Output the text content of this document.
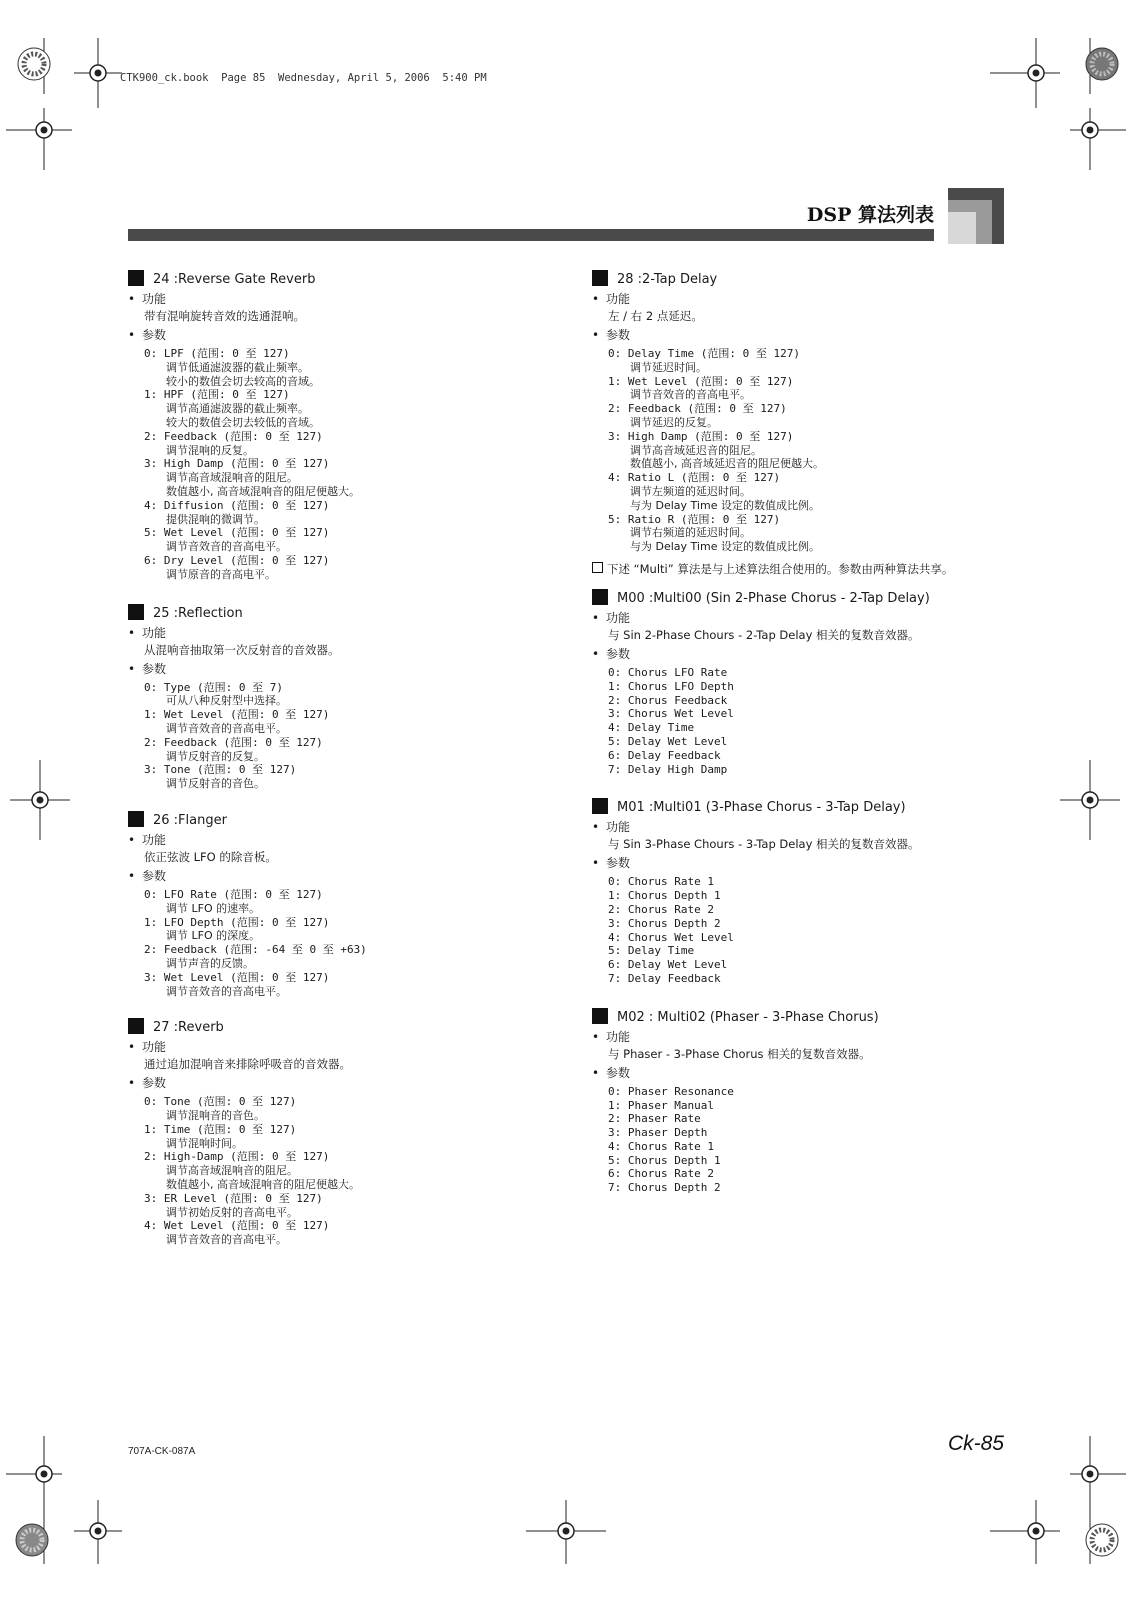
CTK900_ck.book  Page 85  Wednesday, April 5, 2006  5:40 PM
DSP 算法列表
24 :Reverse Gate Reverb
• 功能
带有混响旋转音效的选通混响。
• 参数
0: LPF (范围: 0 至 127)
调节低通滤波器的截止频率。
较小的数值会切去较高的音域。
1: HPF (范围: 0 至 127)
调节高通滤波器的截止频率。
较大的数值会切去较低的音域。
2: Feedback (范围: 0 至 127)
调节混响的反复。
3: High Damp (范围: 0 至 127)
调节高音域混响音的阻尼。
数值越小, 高音域混响音的阻尼便越大。
4: Diffusion (范围: 0 至 127)
提供混响的微调节。
5: Wet Level (范围: 0 至 127)
调节音效音的音高电平。
6: Dry Level (范围: 0 至 127)
调节原音的音高电平。
25 :Reflection
• 功能
从混响音抽取第一次反射音的音效器。
• 参数
0: Type (范围: 0 至 7)
可从八种反射型中选择。
1: Wet Level (范围: 0 至 127)
调节音效音的音高电平。
2: Feedback (范围: 0 至 127)
调节反射音的反复。
3: Tone (范围: 0 至 127)
调节反射音的音色。
26 :Flanger
• 功能
依正弦波 LFO 的除音板。
• 参数
0: LFO Rate (范围: 0 至 127)
调节 LFO 的速率。
1: LFO Depth (范围: 0 至 127)
调节 LFO 的深度。
2: Feedback (范围: -64 至 0 至 +63)
调节声音的反馈。
3: Wet Level (范围: 0 至 127)
调节音效音的音高电平。
27 :Reverb
• 功能
通过追加混响音来排除呼吸音的音效器。
• 参数
0: Tone (范围: 0 至 127)
调节混响音的音色。
1: Time (范围: 0 至 127)
调节混响时间。
2: High-Damp (范围: 0 至 127)
调节高音域混响音的阻尼。
数值越小, 高音域混响音的阻尼便越大。
3: ER Level (范围: 0 至 127)
调节初始反射的音高电平。
4: Wet Level (范围: 0 至 127)
调节音效音的音高电平。
28 :2-Tap Delay
• 功能
左 / 右 2 点延迟。
• 参数
0: Delay Time (范围: 0 至 127)
调节延迟时间。
1: Wet Level (范围: 0 至 127)
调节音效音的音高电平。
2: Feedback (范围: 0 至 127)
调节延迟的反复。
3: High Damp (范围: 0 至 127)
调节高音域延迟音的阻尼。
数值越小, 高音域延迟音的阻尼便越大。
4: Ratio L (范围: 0 至 127)
调节左频道的延迟时间。
与为 Delay Time 设定的数值成比例。
5: Ratio R (范围: 0 至 127)
调节右频道的延迟时间。
与为 Delay Time 设定的数值成比例。
下述 “Multi” 算法是与上述算法组合使用的。参数由两种算法共享。
M00 :Multi00 (Sin 2-Phase Chorus - 2-Tap Delay)
• 功能
与 Sin 2-Phase Chours - 2-Tap Delay 相关的复数音效器。
• 参数
0: Chorus LFO Rate
1: Chorus LFO Depth
2: Chorus Feedback
3: Chorus Wet Level
4: Delay Time
5: Delay Wet Level
6: Delay Feedback
7: Delay High Damp
M01 :Multi01 (3-Phase Chorus - 3-Tap Delay)
• 功能
与 Sin 3-Phase Chours - 3-Tap Delay 相关的复数音效器。
• 参数
0: Chorus Rate 1
1: Chorus Depth 1
2: Chorus Rate 2
3: Chorus Depth 2
4: Chorus Wet Level
5: Delay Time
6: Delay Wet Level
7: Delay Feedback
M02 : Multi02 (Phaser - 3-Phase Chorus)
• 功能
与 Phaser - 3-Phase Chorus 相关的复数音效器。
• 参数
0: Phaser Resonance
1: Phaser Manual
2: Phaser Rate
3: Phaser Depth
4: Chorus Rate 1
5: Chorus Depth 1
6: Chorus Rate 2
7: Chorus Depth 2
707A-CK-087A	Ck-85
